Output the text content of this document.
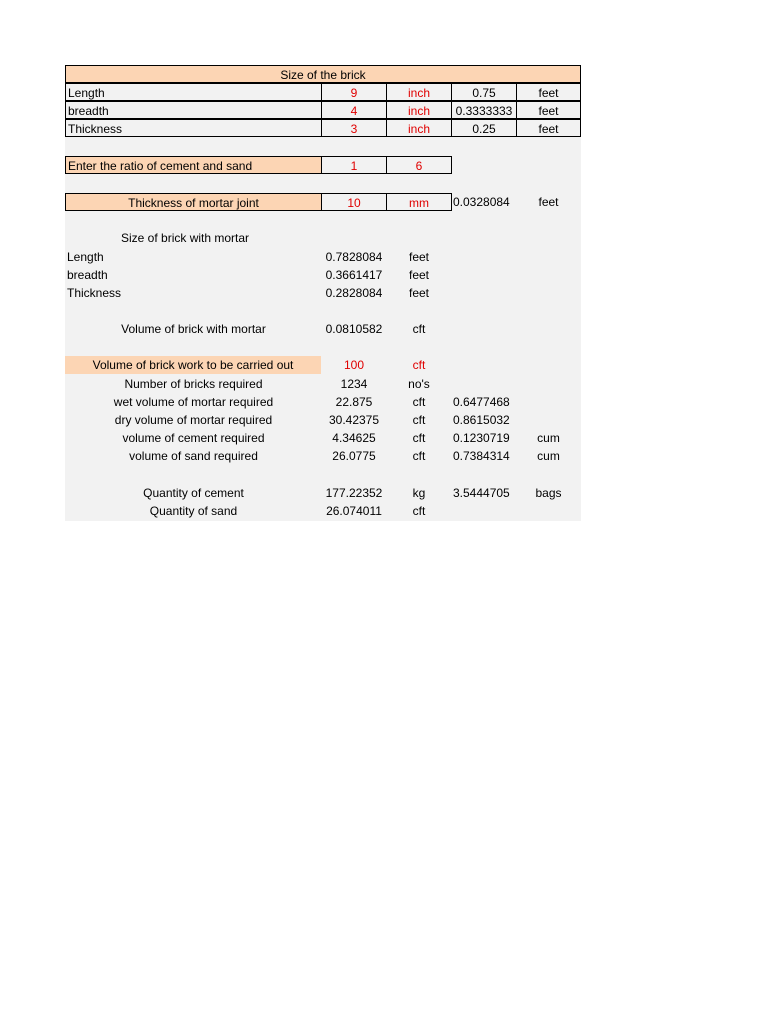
Size of the brick
Length	9	inch	0.75	feet
breadth	4	inch	0.3333333	feet
Thickness	3	inch	0.25	feet
Enter the ratio of cement and sand	1	6
Thickness of mortar joint	10	mm	0.0328084	feet
Size of brick with mortar
Length	0.7828084	feet
breadth	0.3661417	feet
Thickness	0.2828084	feet
Volume of brick with mortar	0.0810582	cft
Volume of brick work to be carried out	100	cft
Number of bricks required	1234	no's
wet volume of mortar required	22.875	cft	0.6477468
dry volume of mortar required	30.42375	cft	0.8615032
volume of cement required	4.34625	cft	0.1230719	cum
volume of sand required	26.0775	cft	0.7384314	cum
Quantity of cement	177.22352	kg	3.5444705	bags
Quantity of sand	26.074011	cft
